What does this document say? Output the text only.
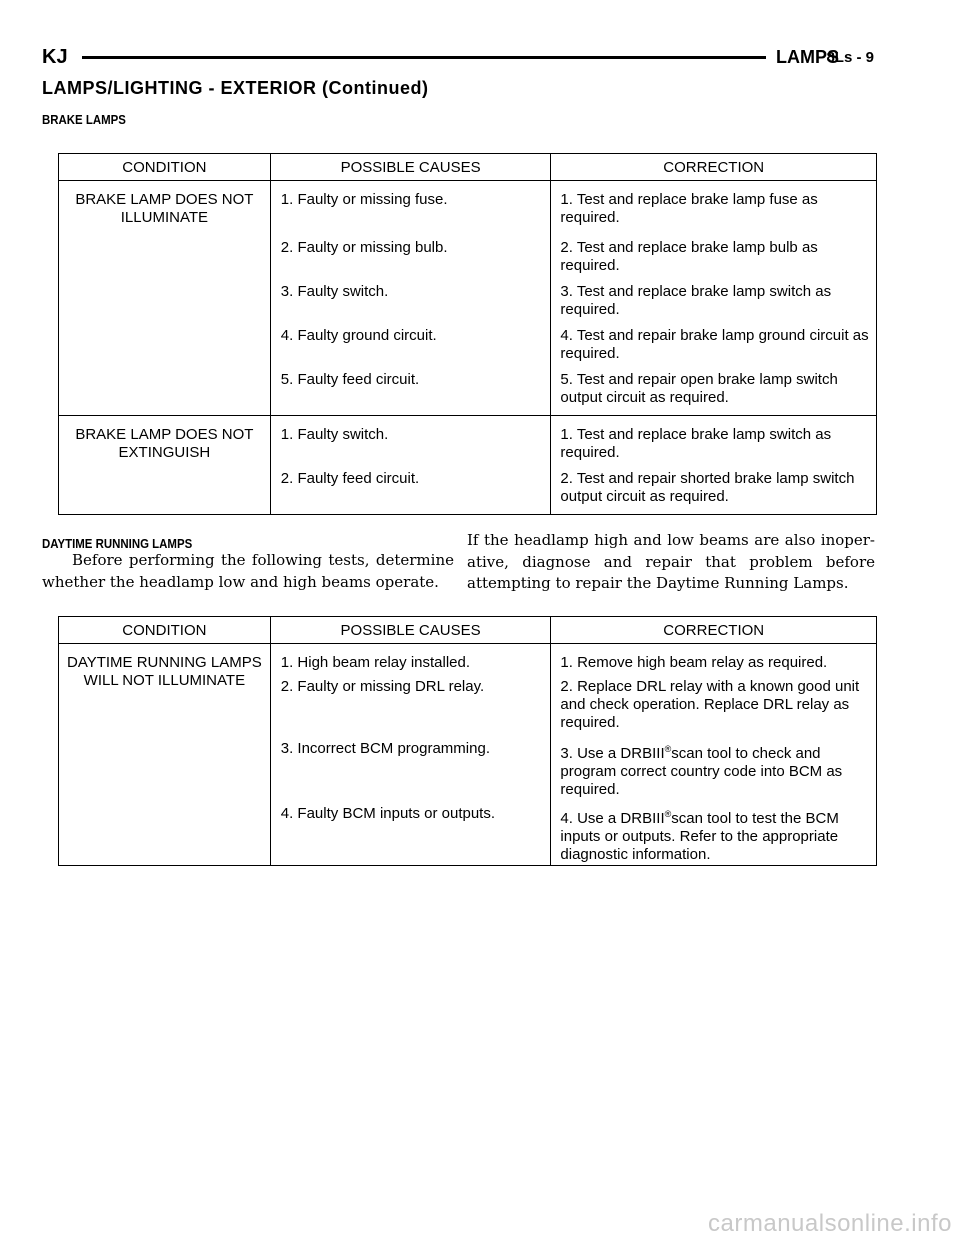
KJ	LAMPS
8Ls - 9
LAMPS/LIGHTING - EXTERIOR (Continued)
BRAKE LAMPS
CONDITION	POSSIBLE CAUSES	CORRECTION
BRAKE LAMP DOES NOT ILLUMINATE	1. Faulty or missing fuse.	1. Test and replace brake lamp fuse as required.
	2. Faulty or missing bulb.	2. Test and replace brake lamp bulb as required.
	3. Faulty switch.	3. Test and replace brake lamp switch as required.
	4. Faulty ground circuit.	4. Test and repair brake lamp ground circuit as required.
	5. Faulty feed circuit.	5. Test and repair open brake lamp switch output circuit as required.
BRAKE LAMP DOES NOT EXTINGUISH	1. Faulty switch.	1. Test and replace brake lamp switch as required.
	2. Faulty feed circuit.	2. Test and repair shorted brake lamp switch output circuit as required.
DAYTIME RUNNING LAMPS
Before performing the following tests, determine whether the headlamp low and high beams operate.
If the headlamp high and low beams are also inoper- ative, diagnose and repair that problem before attempting to repair the Daytime Running Lamps.
CONDITION	POSSIBLE CAUSES	CORRECTION
DAYTIME RUNNING LAMPS WILL NOT ILLUMINATE	1. High beam relay installed.	1. Remove high beam relay as required.
	2. Faulty or missing DRL relay.	2. Replace DRL relay with a known good unit and check operation. Replace DRL relay as required.
	3. Incorrect BCM programming.	3. Use a DRBIII®scan tool to check and program correct country code into BCM as required.
	4. Faulty BCM inputs or outputs.	4. Use a DRBIII®scan tool to test the BCM inputs or outputs. Refer to the appropriate diagnostic information.
carmanualsonline.info
